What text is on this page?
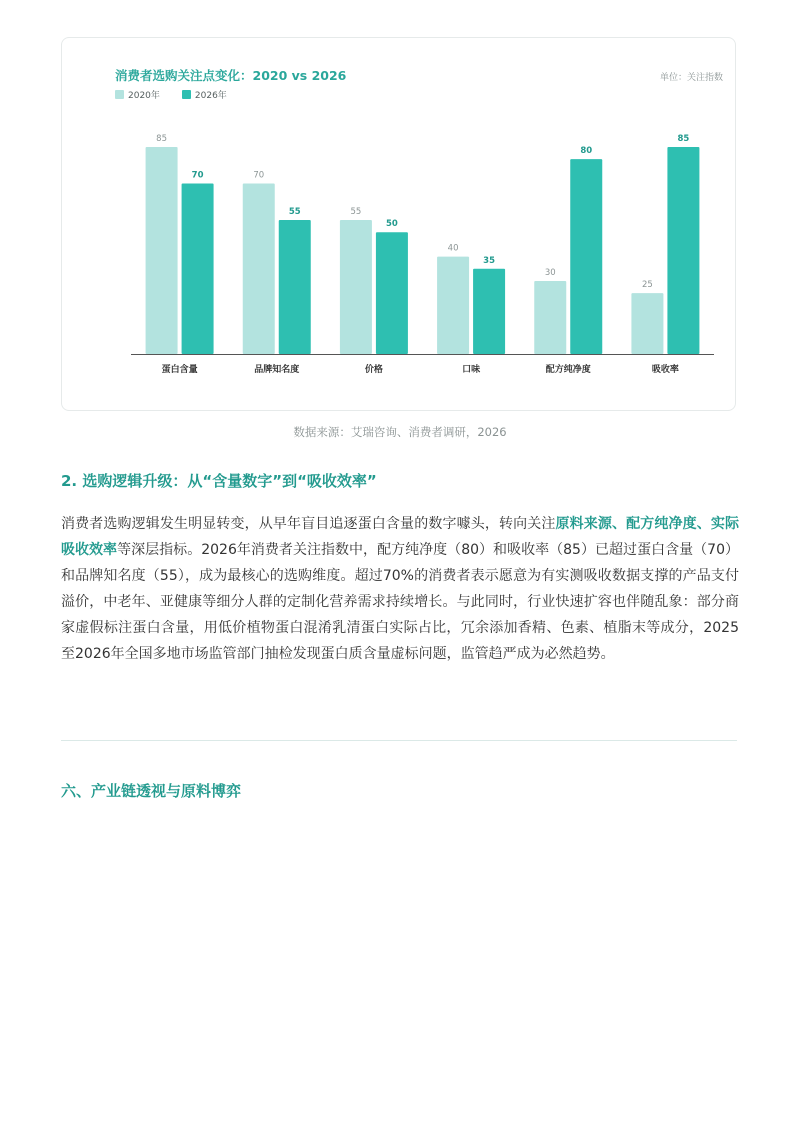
消费者选购关注点变化：2020 vs 2026	单位：关注指数
2020年	2026年
85
70
蛋白含量
70
55
品牌知名度
55
50
价格
40
35
口味
30
80
配方纯净度
25
85
吸收率
数据来源：艾瑞咨询、消费者调研，2026
2. 选购逻辑升级：从“含量数字”到“吸收效率”
消费者选购逻辑发生明显转变，从早年盲目追逐蛋白含量的数字噱头，转向关注原料来源、配方纯净度、实际吸收效率等深层指标。2026年消费者关注指数中，配方纯净度（80）和吸收率（85）已超过蛋白含量（70）和品牌知名度（55），成为最核心的选购维度。超过70%的消费者表示愿意为有实测吸收数据支撑的产品支付溢价，中老年、亚健康等细分人群的定制化营养需求持续增长。与此同时，行业快速扩容也伴随乱象：部分商家虚假标注蛋白含量，用低价植物蛋白混淆乳清蛋白实际占比，冗余添加香精、色素、植脂末等成分，2025至2026年全国多地市场监管部门抽检发现蛋白质含量虚标问题，监管趋严成为必然趋势。
六、产业链透视与原料博弈
